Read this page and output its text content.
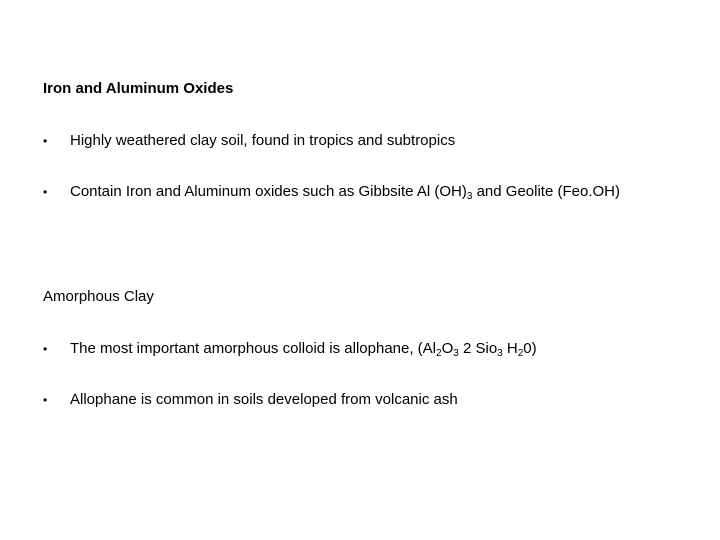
Iron and Aluminum Oxides
• Highly weathered clay soil, found in tropics and subtropics
• Contain Iron and Aluminum oxides such as Gibbsite Al $(OH)_3$ and Geolite (Feo.OH)
Amorphous Clay
• The most important amorphous colloid is allophane, ($Al_2O_3$ 2 Sio$_3$ $H_20$)
• Allophane is common in soils developed from volcanic ash
